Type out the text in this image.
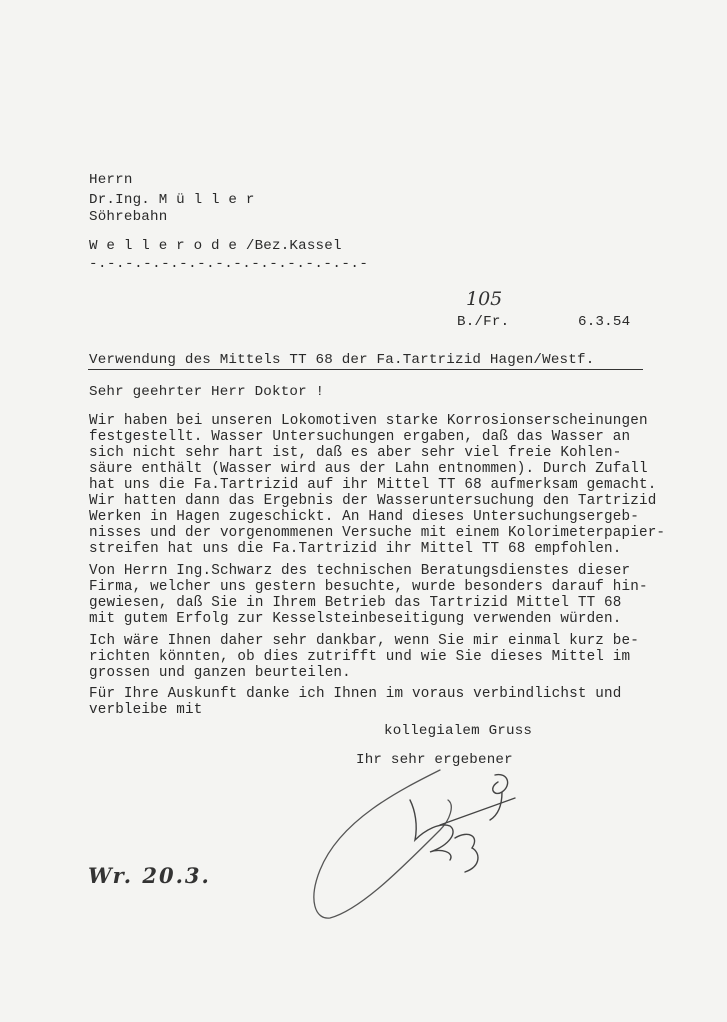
Herrn
Dr.Ing. M ü l l e r
Söhrebahn
W e l l e r o d e /Bez.Kassel
-.-.-.-.-.-.-.-.-.-.-.-.-.-.-.-
105
B./Fr.	6.3.54
Verwendung des Mittels TT 68 der Fa.Tartrizid Hagen/Westf.
Sehr geehrter Herr Doktor !
Wir haben bei unseren Lokomotiven starke Korrosionserscheinungen
festgestellt. Wasser Untersuchungen ergaben, daß das Wasser an
sich nicht sehr hart ist, daß es aber sehr viel freie Kohlen-
säure enthält (Wasser wird aus der Lahn entnommen). Durch Zufall
hat uns die Fa.Tartrizid auf ihr Mittel TT 68 aufmerksam gemacht.
Wir hatten dann das Ergebnis der Wasseruntersuchung den Tartrizid
Werken in Hagen zugeschickt. An Hand dieses Untersuchungsergeb-
nisses und der vorgenommenen Versuche mit einem Kolorimeterpapier-
streifen hat uns die Fa.Tartrizid ihr Mittel TT 68 empfohlen.
Von Herrn Ing.Schwarz des technischen Beratungsdienstes dieser
Firma, welcher uns gestern besuchte, wurde besonders darauf hin-
gewiesen, daß Sie in Ihrem Betrieb das Tartrizid Mittel TT 68
mit gutem Erfolg zur Kesselsteinbeseitigung verwenden würden.
Ich wäre Ihnen daher sehr dankbar, wenn Sie mir einmal kurz be-
richten könnten, ob dies zutrifft und wie Sie dieses Mittel im
grossen und ganzen beurteilen.
Für Ihre Auskunft danke ich Ihnen im voraus verbindlichst und
verbleibe mit
kollegialem Gruss
Ihr sehr ergebener
Wr. 20.3.
